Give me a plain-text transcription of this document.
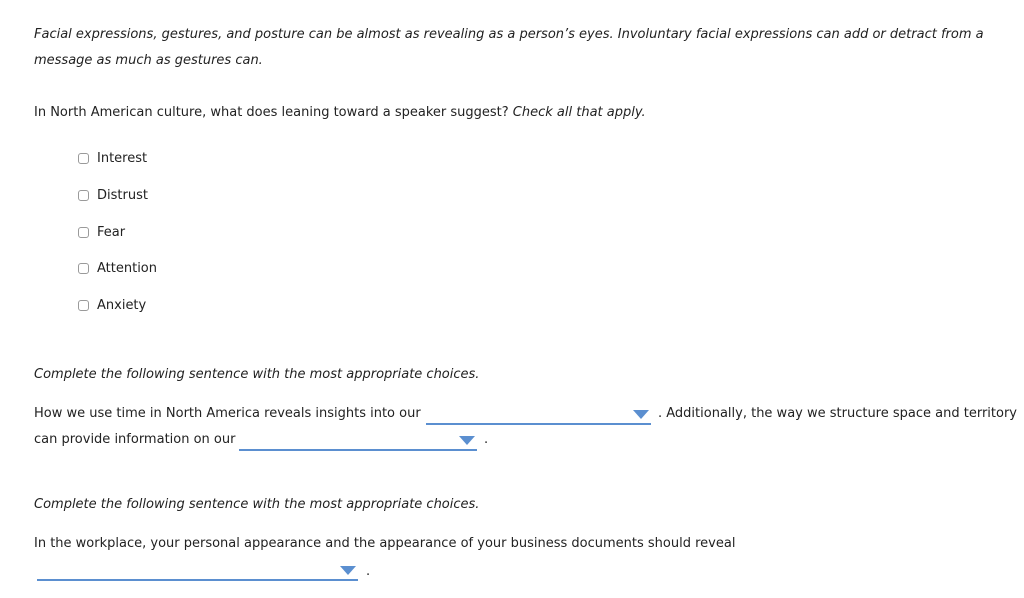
Facial expressions, gestures, and posture can be almost as revealing as a person’s eyes. Involuntary facial expressions can add or detract from a
message as much as gestures can.
In North American culture, what does leaning toward a speaker suggest? Check all that apply.
Interest
Distrust
Fear
Attention
Anxiety
Complete the following sentence with the most appropriate choices.
How we use time in North America reveals insights into our	. Additionally, the way we structure space and territory
can provide information on our	.
Complete the following sentence with the most appropriate choices.
In the workplace, your personal appearance and the appearance of your business documents should reveal
.
